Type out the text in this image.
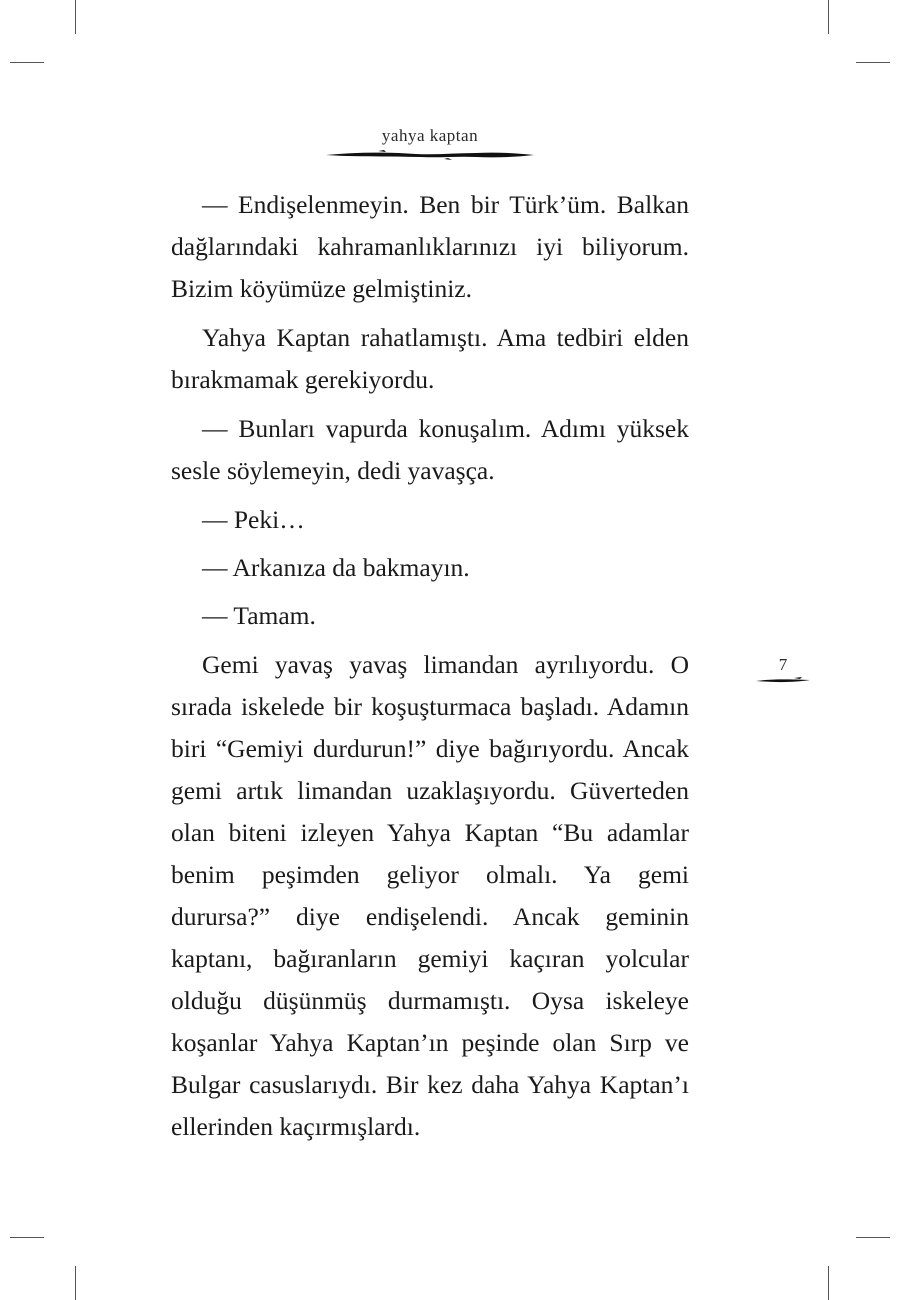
yahya kaptan

— Endişelenmeyin. Ben bir Türk’üm. Balkan dağlarındaki kahramanlıklarınızı iyi biliyorum. Bizim köyümüze gelmiştiniz.

Yahya Kaptan rahatlamıştı. Ama tedbiri elden bırakmamak gerekiyordu.

— Bunları vapurda konuşalım. Adımı yüksek sesle söylemeyin, dedi yavaşça.

— Peki…

— Arkanıza da bakmayın.

— Tamam.

Gemi yavaş yavaş limandan ayrılıyordu. O sırada iskelede bir koşuşturmaca başladı. Adamın biri “Gemiyi durdurun!” diye bağırıyordu. Ancak gemi artık limandan uzaklaşıyordu. Güverteden olan biteni izleyen Yahya Kaptan “Bu adamlar benim peşimden geliyor olmalı. Ya gemi durursa?” diye endişelendi. Ancak geminin kaptanı, bağıranların gemiyi kaçıran yolcular olduğu düşünmüş durmamıştı. Oysa iskeleye koşanlar Yahya Kaptan’ın peşinde olan Sırp ve Bulgar casuslarıydı. Bir kez daha Yahya Kaptan’ı ellerinden kaçırmışlardı.

7
